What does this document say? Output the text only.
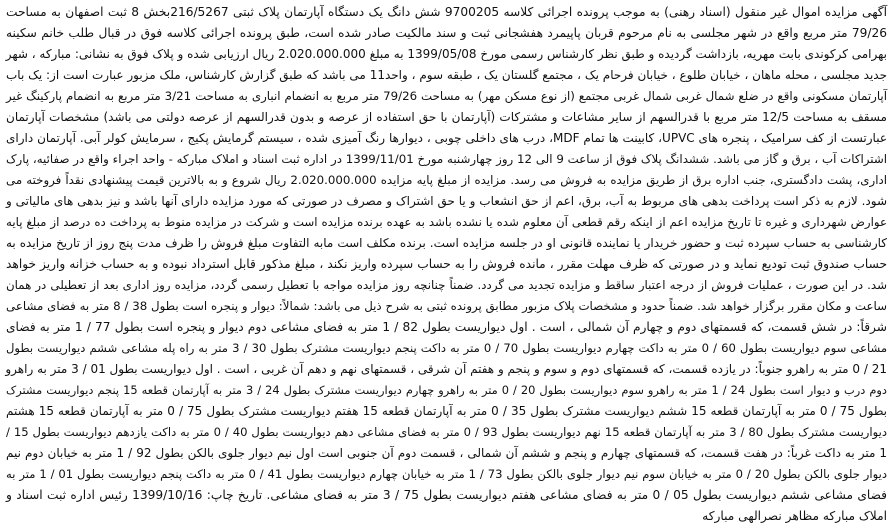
آگهی مزایده اموال غیر منقول (اسناد رهنی) به موجب پرونده اجرائی کلاسه 9700205 شش دانگ یک دستگاه آپارتمان پلاک ثبتی 216/5267بخش 8 ثبت اصفهان به مساحت
79/26 متر مربع واقع در شهر مجلسی به نام مرحوم قربان پاپیمرد هفشجانی ثبت و سند مالکیت صادر شده است، طبق پرونده اجرائی کلاسه فوق در قبال طلب خانم سکینه
بهرامی کرکوندی بابت مهریه، بازداشت گردیده و طبق نظر کارشناس رسمی مورخ 1399/05/08 به مبلغ 2.020.000.000 ریال ارزیابی شده و پلاک فوق به نشانی: مبارکه ، شهر
جدید مجلسی ، محله ماهان ، خیابان طلوع ، خیابان فرحام یک ، مجتمع گلستان یک ، طبقه سوم ، واحد11 می باشد که طبق گزارش کارشناس، ملک مزبور عبارت است از: یک باب
آپارتمان مسکونی واقع در ضلع شمال غربی شمال غربی مجتمع (از نوع مسکن مهر) به مساحت 79/26 متر مربع به انضمام انباری به مساحت 3/21 متر مربع به انضمام پارکینگ غیر
مسقف به مساحت 12/5 متر مربع با قدرالسهم از سایر مشاعات و مشترکات (آپارتمان با حق استفاده از عرصه و بدون قدرالسهم از عرصه دولتی می باشد) مشخصات آپارتمان
عبارتست از کف سرامیک ، پنجره های UPVC، کابینت ها تمام MDF، درب های داخلی چوبی ، دیوارها رنگ آمیزی شده ، سیستم گرمایش پکیج ، سرمایش کولر آبی. آپارتمان دارای
اشتراکات آب ، برق و گاز می باشد. ششدانگ پلاک فوق از ساعت 9 الی 12 روز چهارشنبه مورخ 1399/11/01 در اداره ثبت اسناد و املاک مبارکه - واحد اجراء واقع در صفائیه، پارک
اداری، پشت دادگستری، جنب اداره برق از طریق مزایده به فروش می رسد. مزایده از مبلغ پایه مزایده 2.020.000.000 ریال شروع و به بالاترین قیمت پیشنهادی نقداً فروخته می
شود. لازم به ذکر است پرداخت بدهی های مربوط به آب، برق، اعم از حق انشعاب و یا حق اشتراک و مصرف در صورتی که مورد مزایده دارای آنها باشد و نیز بدهی های مالیاتی و
عوارض شهرداری و غیره تا تاریخ مزایده اعم از اینکه رقم قطعی آن معلوم شده یا نشده باشد به عهده برنده مزایده است و شرکت در مزایده منوط به پرداخت ده درصد از مبلغ پایه
کارشناسی به حساب سپرده ثبت و حضور خریدار یا نماینده قانونی او در جلسه مزایده است. برنده مکلف است مابه التفاوت مبلغ فروش را ظرف مدت پنج روز از تاریخ مزایده به
حساب صندوق ثبت تودیع نماید و در صورتی که ظرف مهلت مقرر ، مانده فروش را به حساب سپرده واریز نکند ، مبلغ مذکور قابل استرداد نبوده و به حساب خزانه واریز خواهد
شد. در این صورت ، عملیات فروش از درجه اعتبار ساقط و مزایده تجدید می گردد. ضمناً چنانچه روز مزایده مواجه با تعطیل رسمی گردد، مزایده روز اداری بعد از تعطیلی در همان
ساعت و مکان مقرر برگزار خواهد شد. ضمناً حدود و مشخصات پلاک مزبور مطابق پرونده ثبتی به شرح ذیل می باشد: شمالاً: دیوار و پنجره است بطول 38 / 8 متر به فضای مشاعی
شرقاً: در شش قسمت، که قسمتهای دوم و چهارم آن شمالی ، است . اول دیواریست بطول 82 / 1 متر به فضای مشاعی دوم دیوار و پنجره است بطول 77 / 1 متر به فضای
مشاعی سوم دیواریست بطول 60 / 0 متر به داکت چهارم دیواریست بطول 70 / 0 متر به داکت پنجم دیواریست مشترک بطول 30 / 3 متر به راه پله مشاعی ششم دیواریست بطول
21 / 0 متر به راهرو جنوباً: در یازده قسمت، که قسمتهای دوم و سوم و پنجم و هفتم آن شرقی ، قسمتهای نهم و دهم آن غربی ، است . اول دیواریست بطول 01 / 3 متر به راهرو
دوم درب و دیوار است بطول 24 / 1 متر به راهرو سوم دیواریست بطول 20 / 0 متر به راهرو چهارم دیواریست مشترک بطول 24 / 3 متر به آپارتمان قطعه 15 پنجم دیواریست مشترک
بطول 75 / 0 متر به آپارتمان قطعه 15 ششم دیواریست مشترک بطول 35 / 0 متر به آپارتمان قطعه 15 هفتم دیواریست مشترک بطول 75 / 0 متر به آپارتمان قطعه 15 هشتم
دیواریست مشترک بطول 80 / 3 متر به آپارتمان قطعه 15 نهم دیواریست بطول 93 / 0 متر به فضای مشاعی دهم دیواریست بطول 40 / 0 متر به داکت یازدهم دیواریست بطول 15 /
1 متر به داکت غرباً: در هفت قسمت، که قسمتهای چهارم و پنجم و ششم آن شمالی ، قسمت دوم آن جنوبی است اول نیم دیوار جلوی بالکن بطول 92 / 1 متر به خیابان دوم نیم
دیوار جلوی بالکن بطول 20 / 0 متر به خیابان سوم نیم دیوار جلوی بالکن بطول 73 / 1 متر به خیابان چهارم دیواریست بطول 41 / 0 متر به داکت پنجم دیواریست بطول 01 / 1 متر به
فضای مشاعی ششم دیواریست بطول 05 / 0 متر به فضای مشاعی هفتم دیواریست بطول 75 / 3 متر به فضای مشاعی. تاریخ چاپ: 1399/10/16 رئیس اداره ثبت اسناد و
املاک مبارکه مظاهر نصرالهی مبارکه
